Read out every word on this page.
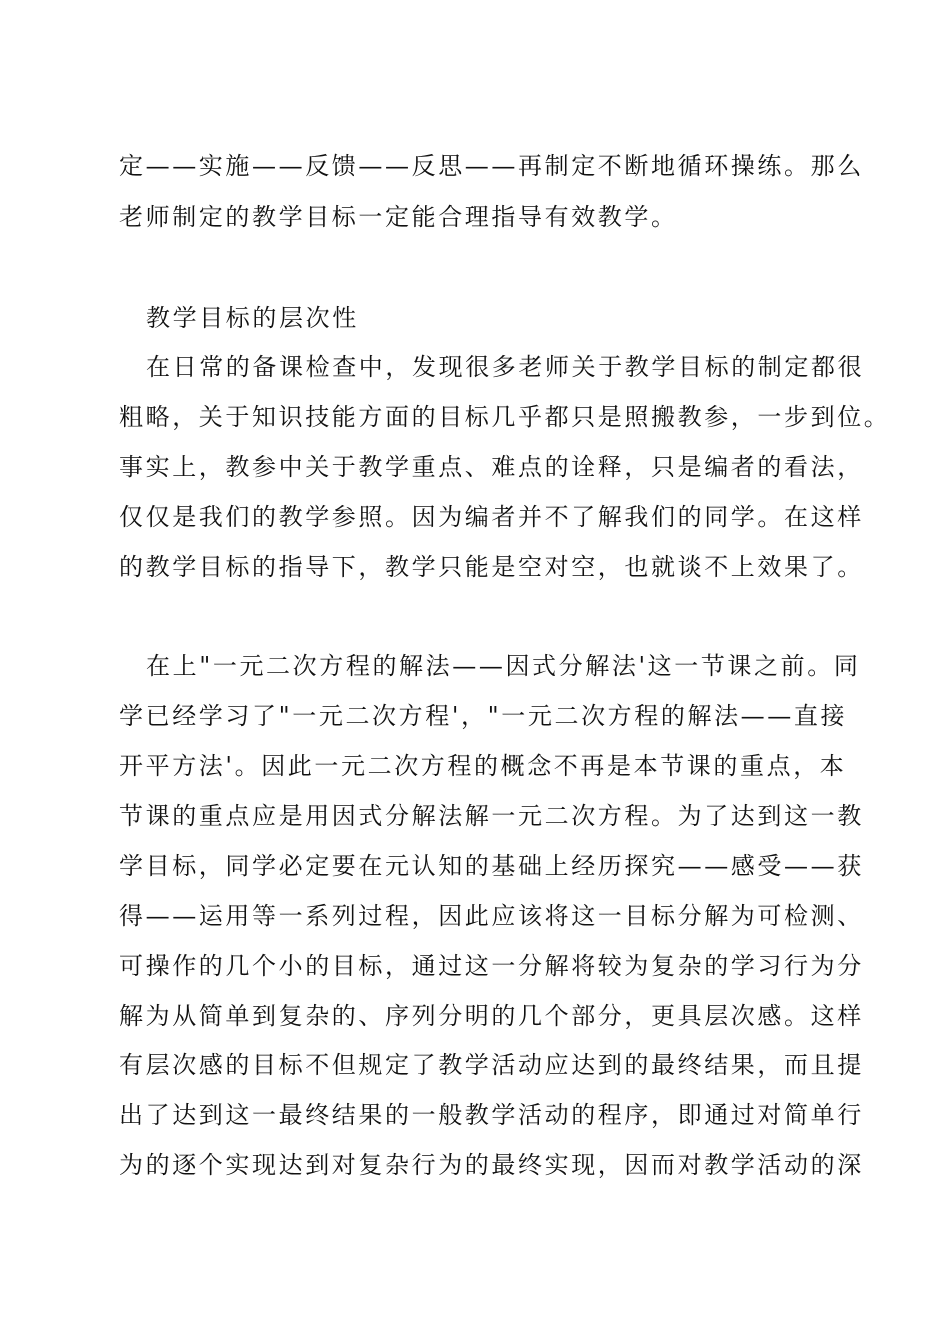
定——实施——反馈——反思——再制定不断地循环操练。那么
老师制定的教学目标一定能合理指导有效教学。
教学目标的层次性
在日常的备课检查中，发现很多老师关于教学目标的制定都很
粗略，关于知识技能方面的目标几乎都只是照搬教参，一步到位。
事实上，教参中关于教学重点、难点的诠释，只是编者的看法，
仅仅是我们的教学参照。因为编者并不了解我们的同学。在这样
的教学目标的指导下，教学只能是空对空，也就谈不上效果了。
在上"一元二次方程的解法——因式分解法'这一节课之前。同
学已经学习了"一元二次方程'，"一元二次方程的解法——直接
开平方法'。因此一元二次方程的概念不再是本节课的重点，本
节课的重点应是用因式分解法解一元二次方程。为了达到这一教
学目标，同学必定要在元认知的基础上经历探究——感受——获
得——运用等一系列过程，因此应该将这一目标分解为可检测、
可操作的几个小的目标，通过这一分解将较为复杂的学习行为分
解为从简单到复杂的、序列分明的几个部分，更具层次感。这样
有层次感的目标不但规定了教学活动应达到的最终结果，而且提
出了达到这一最终结果的一般教学活动的程序，即通过对简单行
为的逐个实现达到对复杂行为的最终实现，因而对教学活动的深
